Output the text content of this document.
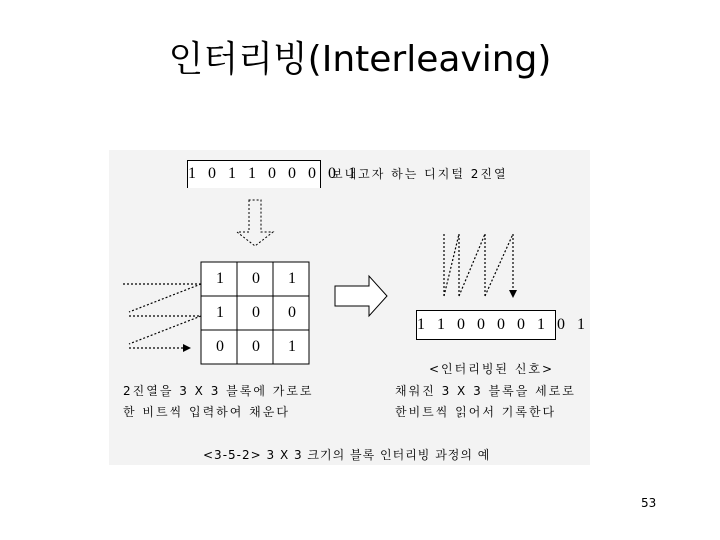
인터리빙(Interleaving)
1 0 1 1 0 0 0 0 1
보내고자 하는 디지털 2진열
1	0	1
1	0	0
0	0	1
1 1 0 0 0 0 1 0 1
<인터리빙된 신호>
2진열을 3 X 3 블록에 가로로
한 비트씩 입력하여 채운다
채워진 3 X 3 블록을 세로로
한비트씩 읽어서 기록한다
<3-5-2> 3 X 3 크기의 블록 인터리빙 과정의 예
53
